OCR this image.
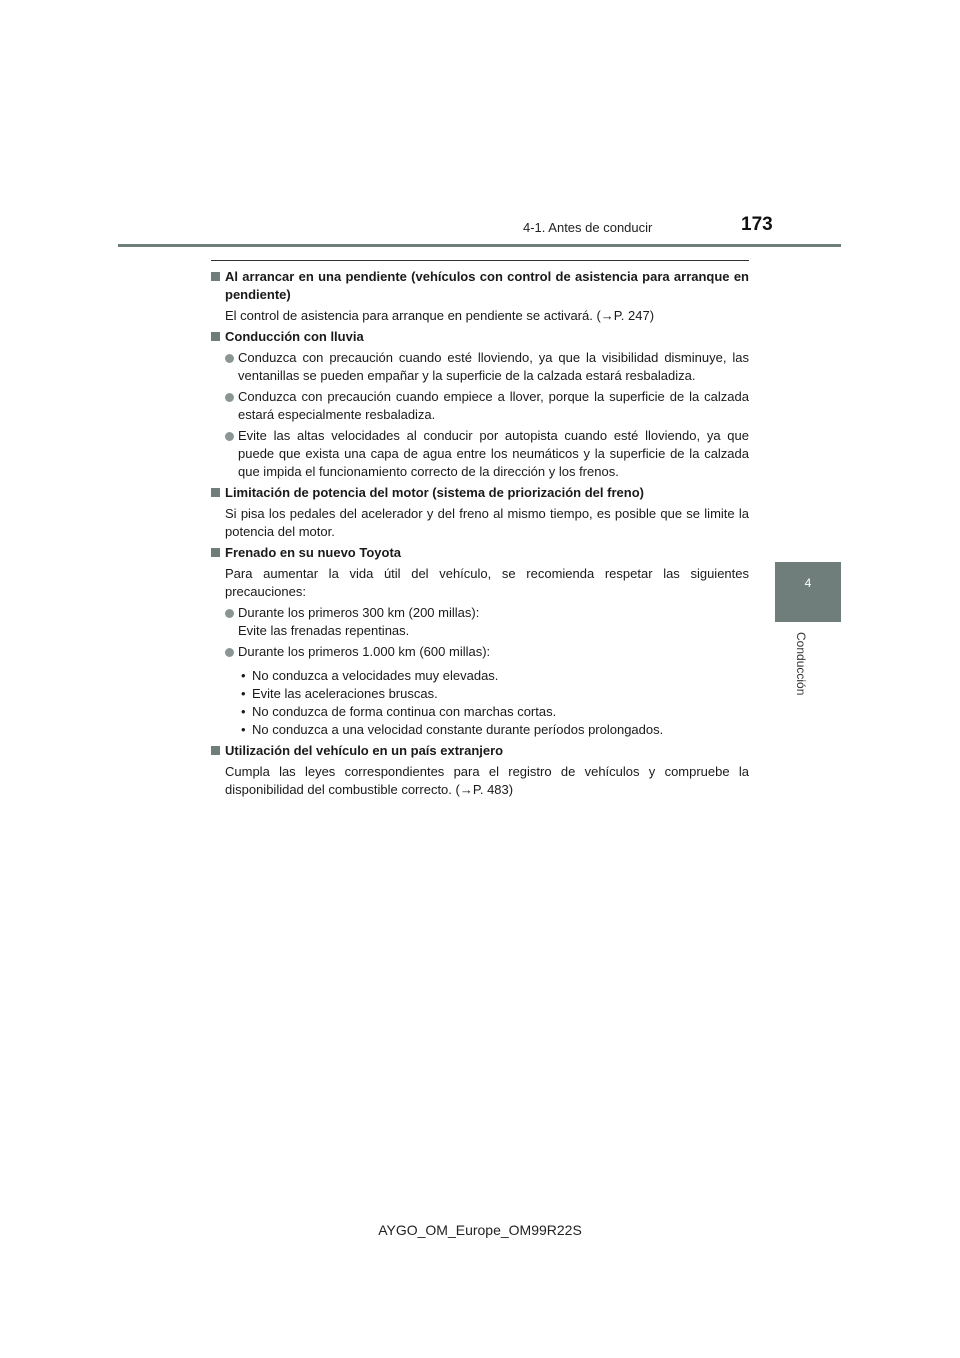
4-1. Antes de conducir	173
4
Conducción
Al arrancar en una pendiente (vehículos con control de asistencia para arranque en pendiente)
El control de asistencia para arranque en pendiente se activará. (→P. 247)
Conducción con lluvia
Conduzca con precaución cuando esté lloviendo, ya que la visibilidad disminuye, las ventanillas se pueden empañar y la superficie de la calzada estará resbaladiza.
Conduzca con precaución cuando empiece a llover, porque la superficie de la calzada estará especialmente resbaladiza.
Evite las altas velocidades al conducir por autopista cuando esté lloviendo, ya que puede que exista una capa de agua entre los neumáticos y la superficie de la calzada que impida el funcionamiento correcto de la dirección y los frenos.
Limitación de potencia del motor (sistema de priorización del freno)
Si pisa los pedales del acelerador y del freno al mismo tiempo, es posible que se limite la potencia del motor.
Frenado en su nuevo Toyota
Para aumentar la vida útil del vehículo, se recomienda respetar las siguientes precauciones:
Durante los primeros 300 km (200 millas):
Evite las frenadas repentinas.
Durante los primeros 1.000 km (600 millas):
• No conduzca a velocidades muy elevadas.
• Evite las aceleraciones bruscas.
• No conduzca de forma continua con marchas cortas.
• No conduzca a una velocidad constante durante períodos prolongados.
Utilización del vehículo en un país extranjero
Cumpla las leyes correspondientes para el registro de vehículos y compruebe la disponibilidad del combustible correcto. (→P. 483)
AYGO_OM_Europe_OM99R22S
